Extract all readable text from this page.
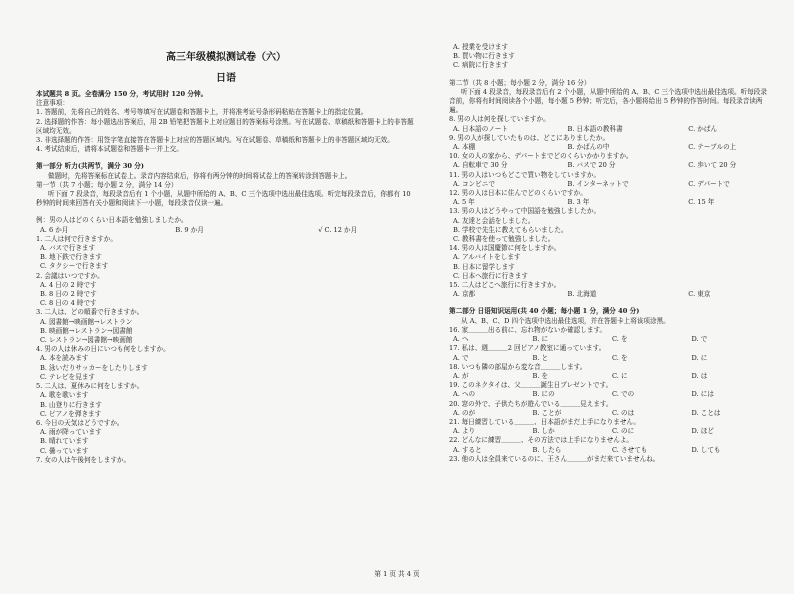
高三年级模拟测试卷（六）
日语
本试题共 8 页。全卷满分 150 分，考试用时 120 分钟。
注意事项：
1. 答题前，先将自己的姓名、考号等填写在试题卷和答题卡上，并将准考证号条形码粘贴在答题卡上的指定位置。
2. 选择题的作答：每小题选出答案后，用 2B 铅笔把答题卡上对应题目的答案标号涂黑。写在试题卷、草稿纸和答题卡上的非答题区域均无效。
3. 非选择题的作答：用签字笔直接答在答题卡上对应的答题区域内。写在试题卷、草稿纸和答题卡上的非答题区域均无效。
4. 考试结束后，请将本试题卷和答题卡一并上交。
第一部分 听力(共两节，满分 30 分)
做题时，先将答案标在试卷上。录音内容结束后，你将有两分钟的时间将试卷上的答案转涂到答题卡上。
第一节（共 7 小题；每小题 2 分，满分 14 分）
听下面 7 段录音，每段录音后有 1 个小题，从题中所给的 A、B、C 三个选项中选出最佳选项。听完每段录音后，你都有 10 秒钟的时间来回答有关小题和阅读下一小题，每段录音仅读一遍。
例：男の人はどのくらい日本語を勉強しましたか。
A. 6 か月	B. 9 か月	√ C. 12 か月
1. 二人は何で行きますか。
A. バスで行きます
B. 地下鉄で行きます
C. タクシーで行きます
2. 会議はいつですか。
A. 4 日の 2 時です
B. 8 日の 2 時です
C. 8 日の 4 時です
3. 二人は、どの順番で行きますか。
A. 図書館→映画館→レストラン
B. 映画館→レストラン→図書館
C. レストラン→図書館→映画館
4. 男の人は休みの日にいつも何をしますか。
A. 本を読みます
B. 泳いだりサッカーをしたりします
C. テレビを見ます
5. 二人は、夏休みに何をしますか。
A. 歌を歌います
B. 山登りに行きます
C. ピアノを弾きます
6. 今日の天気はどうですか。
A. 雨が降っています
B. 晴れています
C. 曇っています
7. 女の人は午後何をしますか。
A. 授業を受けます
B. 買い物に行きます
C. 病院に行きます
第二节（共 8 小题；每小题 2 分，满分 16 分）
听下面 4 段录音，每段录音后有 2 个小题，从题中所给的 A、B、C 三个选项中选出最佳选项。听每段录音前，你将有时间阅读各个小题，每小题 5 秒钟；听完后，各小题将给出 5 秒钟的作答时间。每段录音读两遍。
8. 男の人は何を探していますか。
A. 日本語のノート	B. 日本語の教科書	C. かばん
9. 男の人が探していたものは、どこにありましたか。
A. 本棚	B. かばんの中	C. テーブルの上
10. 女の人の家から、デパートまでどのくらいかかりますか。
A. 自転車で 30 分	B. バスで 20 分	C. 歩いて 20 分
11. 男の人はいつもどこで買い物をしていますか。
A. コンビニで	B. インターネットで	C. デパートで
12. 男の人は日本に住んでどのくらいですか。
A. 5 年	B. 3 年	C. 15 年
13. 男の人はどうやって中国語を勉強しましたか。
A. 友達と会話をしました。
B. 学校で先生に教えてもらいました。
C. 教科書を使って勉強しました。
14. 男の人は国慶節に何をしますか。
A. アルバイトをします
B. 日本に留学します
C. 日本へ旅行に行きます
15. 二人はどこへ旅行に行きますか。
A. 京都	B. 北海道	C. 東京
第二部分 日语知识运用(共 40 小题；每小题 1 分，满分 40 分)
从 A、B、C、D 四个选项中选出最佳选项，并在答题卡上将该项涂黑。
16. 家＿＿＿出る前に、忘れ物がないか確認します。
A. へ	B. に	C. を	D. で
17. 私は、週＿＿＿2 回ピアノ教室に通っています。
A. で	B. と	C. を	D. に
18. いつも隣の部屋から変な音＿＿＿します。
A. が	B. を	C. に	D. は
19. このネクタイは、父＿＿＿誕生日プレゼントです。
A. への	B. にの	C. での	D. には
20. 窓の外で、子供たちが遊んでいる＿＿＿見えます。
A. のが	B. ことが	C. のは	D. ことは
21. 毎日練習している＿＿＿、日本語がまだ上手になりません。
A. より	B. しか	C. のに	D. ほど
22. どんなに練習＿＿＿、その方法では上手になりませんよ。
A. すると	B. したら	C. させても	D. しても
23. 他の人は全員来ているのに、王さん＿＿＿がまだ来ていませんね。
第 1 页 共 4 页
